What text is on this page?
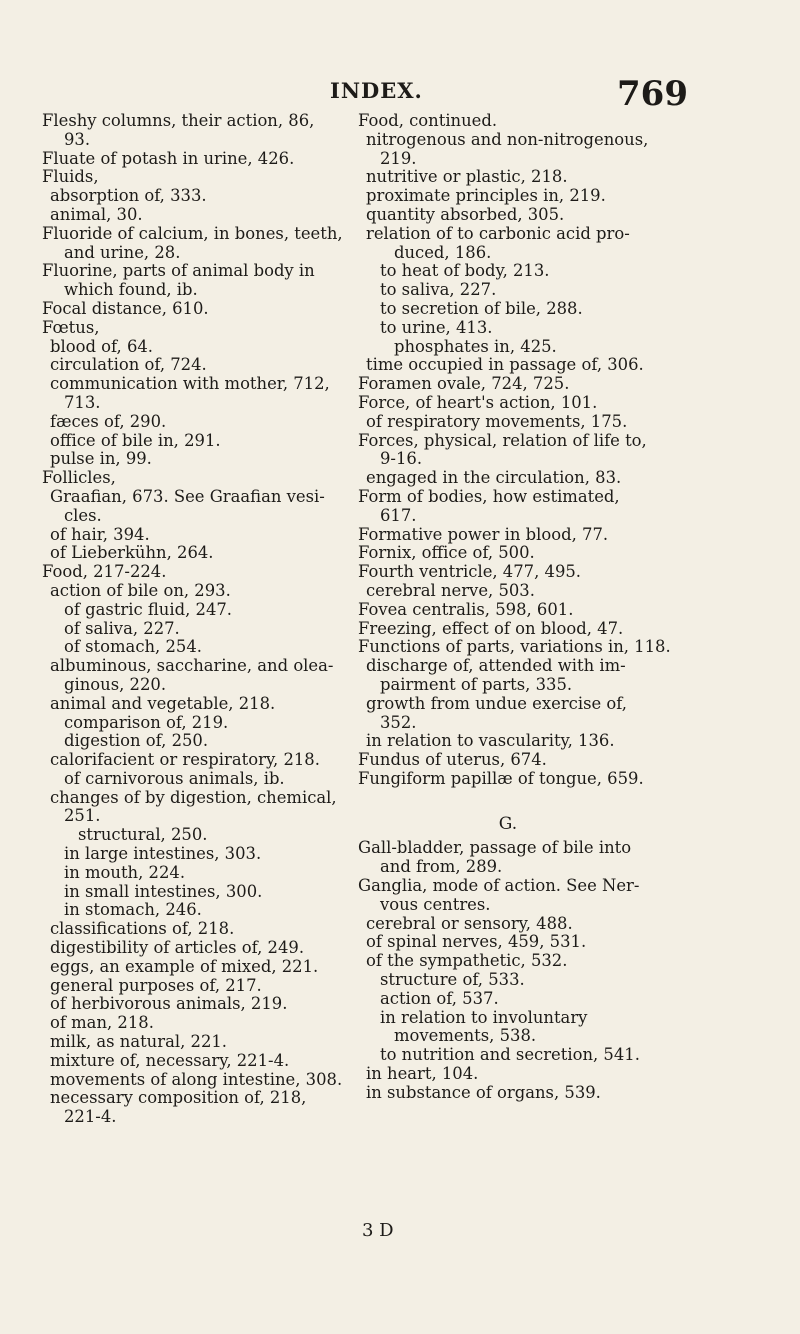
INDEX.	769
Fleshy columns, their action, 86,
93.
Fluate of potash in urine, 426.
Fluids,
absorption of, 333.
animal, 30.
Fluoride of calcium, in bones, teeth,
and urine, 28.
Fluorine, parts of animal body in
which found, ib.
Focal distance, 610.
Fœtus,
blood of, 64.
circulation of, 724.
communication with mother, 712,
713.
fæces of, 290.
office of bile in, 291.
pulse in, 99.
Follicles,
Graafian, 673. See Graafian vesi-
cles.
of hair, 394.
of Lieberkühn, 264.
Food, 217-224.
action of bile on, 293.
of gastric fluid, 247.
of saliva, 227.
of stomach, 254.
albuminous, saccharine, and olea-
ginous, 220.
animal and vegetable, 218.
comparison of, 219.
digestion of, 250.
calorifacient or respiratory, 218.
of carnivorous animals, ib.
changes of by digestion, chemical,
251.
structural, 250.
in large intestines, 303.
in mouth, 224.
in small intestines, 300.
in stomach, 246.
classifications of, 218.
digestibility of articles of, 249.
eggs, an example of mixed, 221.
general purposes of, 217.
of herbivorous animals, 219.
of man, 218.
milk, as natural, 221.
mixture of, necessary, 221-4.
movements of along intestine, 308.
necessary composition of, 218,
221-4.
Food, continued.
nitrogenous and non-nitrogenous,
219.
nutritive or plastic, 218.
proximate principles in, 219.
quantity absorbed, 305.
relation of to carbonic acid pro-
duced, 186.
to heat of body, 213.
to saliva, 227.
to secretion of bile, 288.
to urine, 413.
phosphates in, 425.
time occupied in passage of, 306.
Foramen ovale, 724, 725.
Force, of heart's action, 101.
of respiratory movements, 175.
Forces, physical, relation of life to,
9-16.
engaged in the circulation, 83.
Form of bodies, how estimated,
617.
Formative power in blood, 77.
Fornix, office of, 500.
Fourth ventricle, 477, 495.
cerebral nerve, 503.
Fovea centralis, 598, 601.
Freezing, effect of on blood, 47.
Functions of parts, variations in, 118.
discharge of, attended with im-
pairment of parts, 335.
growth from undue exercise of,
352.
in relation to vascularity, 136.
Fundus of uterus, 674.
Fungiform papillæ of tongue, 659.
G.
Gall-bladder, passage of bile into
and from, 289.
Ganglia, mode of action. See Ner-
vous centres.
cerebral or sensory, 488.
of spinal nerves, 459, 531.
of the sympathetic, 532.
structure of, 533.
action of, 537.
in relation to involuntary
movements, 538.
to nutrition and secretion, 541.
in heart, 104.
in substance of organs, 539.
3 D
